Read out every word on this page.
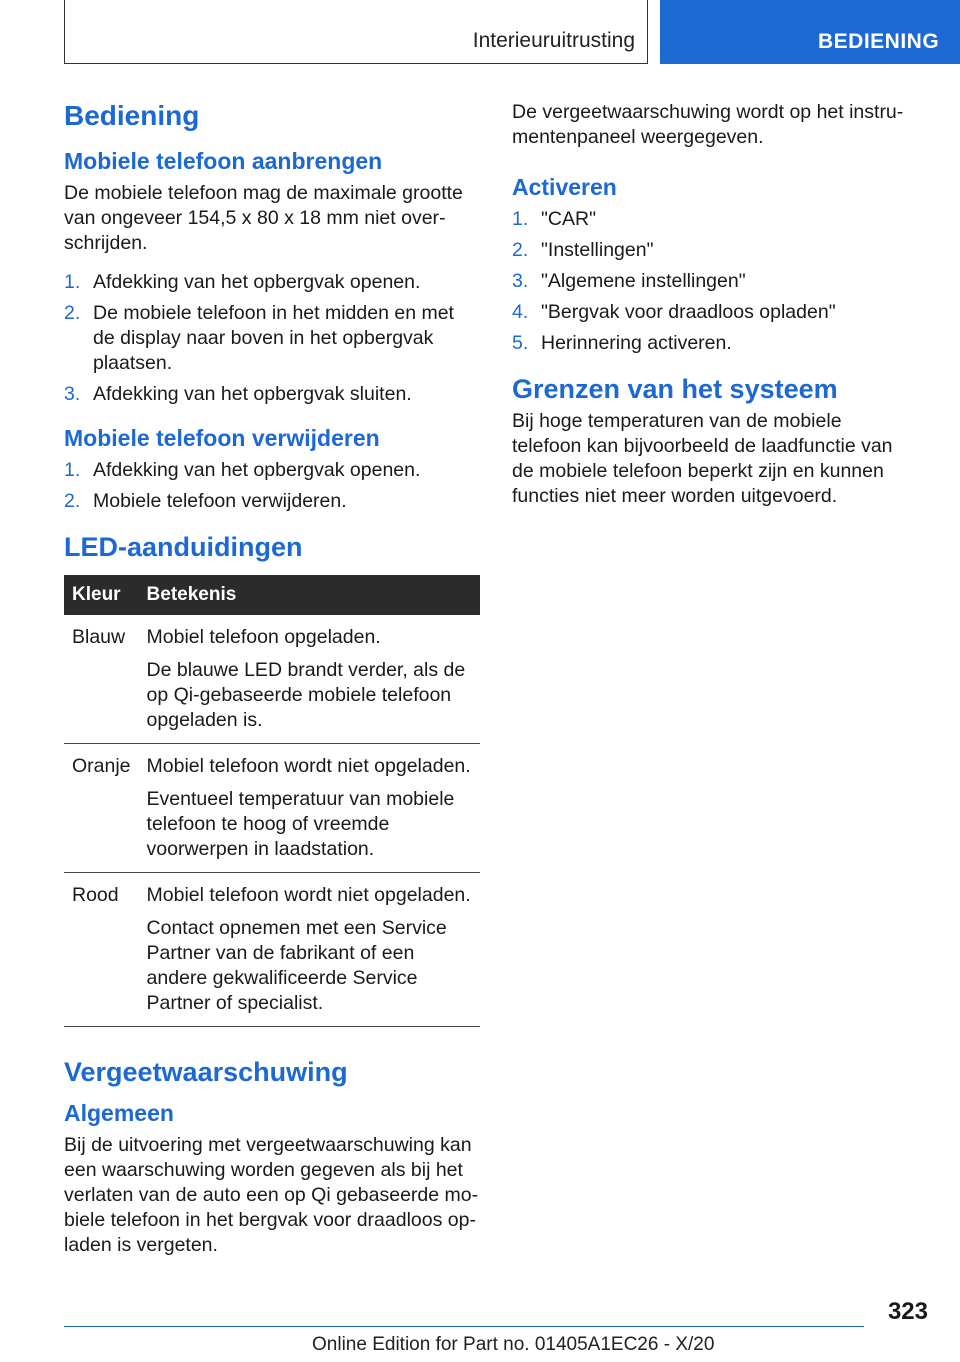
Interieuruitrusting	BEDIENING
Bediening
Mobiele telefoon aanbrengen

De mobiele telefoon mag de maximale grootte van ongeveer 154,5 x 80 x 18 mm niet overschrijden.

1. Afdekking van het opbergvak openen.
2. De mobiele telefoon in het midden en met de display naar boven in het opbergvak plaatsen.
3. Afdekking van het opbergvak sluiten.
Mobiele telefoon verwijderen
1. Afdekking van het opbergvak openen.
2. Mobiele telefoon verwijderen.
LED-aanduidingen
Kleur	Betekenis
Blauw	Mobiel telefoon opgeladen.

De blauwe LED brandt verder, als de op Qi-gebaseerde mobiele telefoon opgeladen is.

Oranje	Mobiel telefoon wordt niet opgeladen.

Eventueel temperatuur van mobiele telefoon te hoog of vreemde voorwerpen in laadstation.

Rood	Mobiel telefoon wordt niet opgeladen.

Contact opnemen met een Service Partner van de fabrikant of een andere gekwalificeerde Service Partner of specialist.

Vergeetwaarschuwing
Algemeen

Bij de uitvoering met vergeetwaarschuwing kan een waarschuwing worden gegeven als bij het verlaten van de auto een op Qi gebaseerde mobiele telefoon in het bergvak voor draadloos opladen is vergeten.

De vergeetwaarschuwing wordt op het instrumentenpaneel weergegeven.

Activeren
1. "CAR"
2. "Instellingen"
3. "Algemene instellingen"
4. "Bergvak voor draadloos opladen"
5. Herinnering activeren.
Grenzen van het systeem

Bij hoge temperaturen van de mobiele telefoon kan bijvoorbeeld de laadfunctie van de mobiele telefoon beperkt zijn en kunnen functies niet meer worden uitgevoerd.

323
Online Edition for Part no. 01405A1EC26 - X/20
